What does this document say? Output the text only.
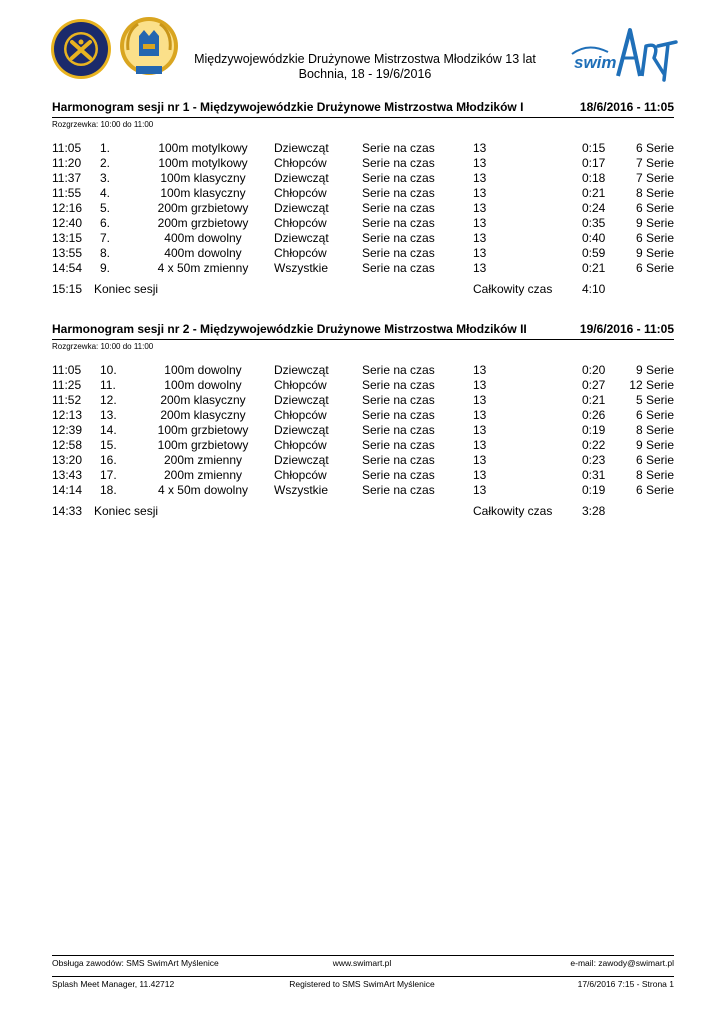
swim
Międzywojewódzkie Drużynowe Mistrzostwa Młodzików 13 lat
Bochnia, 18 - 19/6/2016
Harmonogram sesji nr 1 - Międzywojewódzkie Drużynowe Mistrzostwa Młodzików I	18/6/2016 - 11:05
Rozgrzewka: 10:00 do 11:00
11:05 1.	100m motylkowy	Dziewcząt	Serie na czas	13	0:15	6 Serie
11:20 2.	100m motylkowy	Chłopców	Serie na czas	13	0:17	7 Serie
11:37 3.	100m klasyczny	Dziewcząt	Serie na czas	13	0:18	7 Serie
11:55 4.	100m klasyczny	Chłopców	Serie na czas	13	0:21	8 Serie
12:16 5.	200m grzbietowy	Dziewcząt	Serie na czas	13	0:24	6 Serie
12:40 6.	200m grzbietowy	Chłopców	Serie na czas	13	0:35	9 Serie
13:15 7.	400m dowolny	Dziewcząt	Serie na czas	13	0:40	6 Serie
13:55 8.	400m dowolny	Chłopców	Serie na czas	13	0:59	9 Serie
14:54 9.	4 x 50m zmienny	Wszystkie	Serie na czas	13	0:21	6 Serie
15:15 Koniec sesji	Całkowity czas 4:10
Harmonogram sesji nr 2 - Międzywojewódzkie Drużynowe Mistrzostwa Młodzików II	19/6/2016 - 11:05
Rozgrzewka: 10:00 do 11:00
11:05 10.	100m dowolny	Dziewcząt	Serie na czas	13	0:20	9 Serie
11:25 11.	100m dowolny	Chłopców	Serie na czas	13	0:27 12 Serie
11:52 12.	200m klasyczny	Dziewcząt	Serie na czas	13	0:21	5 Serie
12:13 13.	200m klasyczny	Chłopców	Serie na czas	13	0:26	6 Serie
12:39 14.	100m grzbietowy	Dziewcząt	Serie na czas	13	0:19	8 Serie
12:58 15.	100m grzbietowy	Chłopców	Serie na czas	13	0:22	9 Serie
13:20 16.	200m zmienny	Dziewcząt	Serie na czas	13	0:23	6 Serie
13:43 17.	200m zmienny	Chłopców	Serie na czas	13	0:31	8 Serie
14:14 18.	4 x 50m dowolny	Wszystkie	Serie na czas	13	0:19	6 Serie
14:33 Koniec sesji	Całkowity czas 3:28
Obsługa zawodów: SMS SwimArt Myślenice	www.swimart.pl	e-mail: zawody@swimart.pl
Splash Meet Manager, 11.42712	Registered to SMS SwimArt Myślenice	17/6/2016 7:15 - Strona 1
